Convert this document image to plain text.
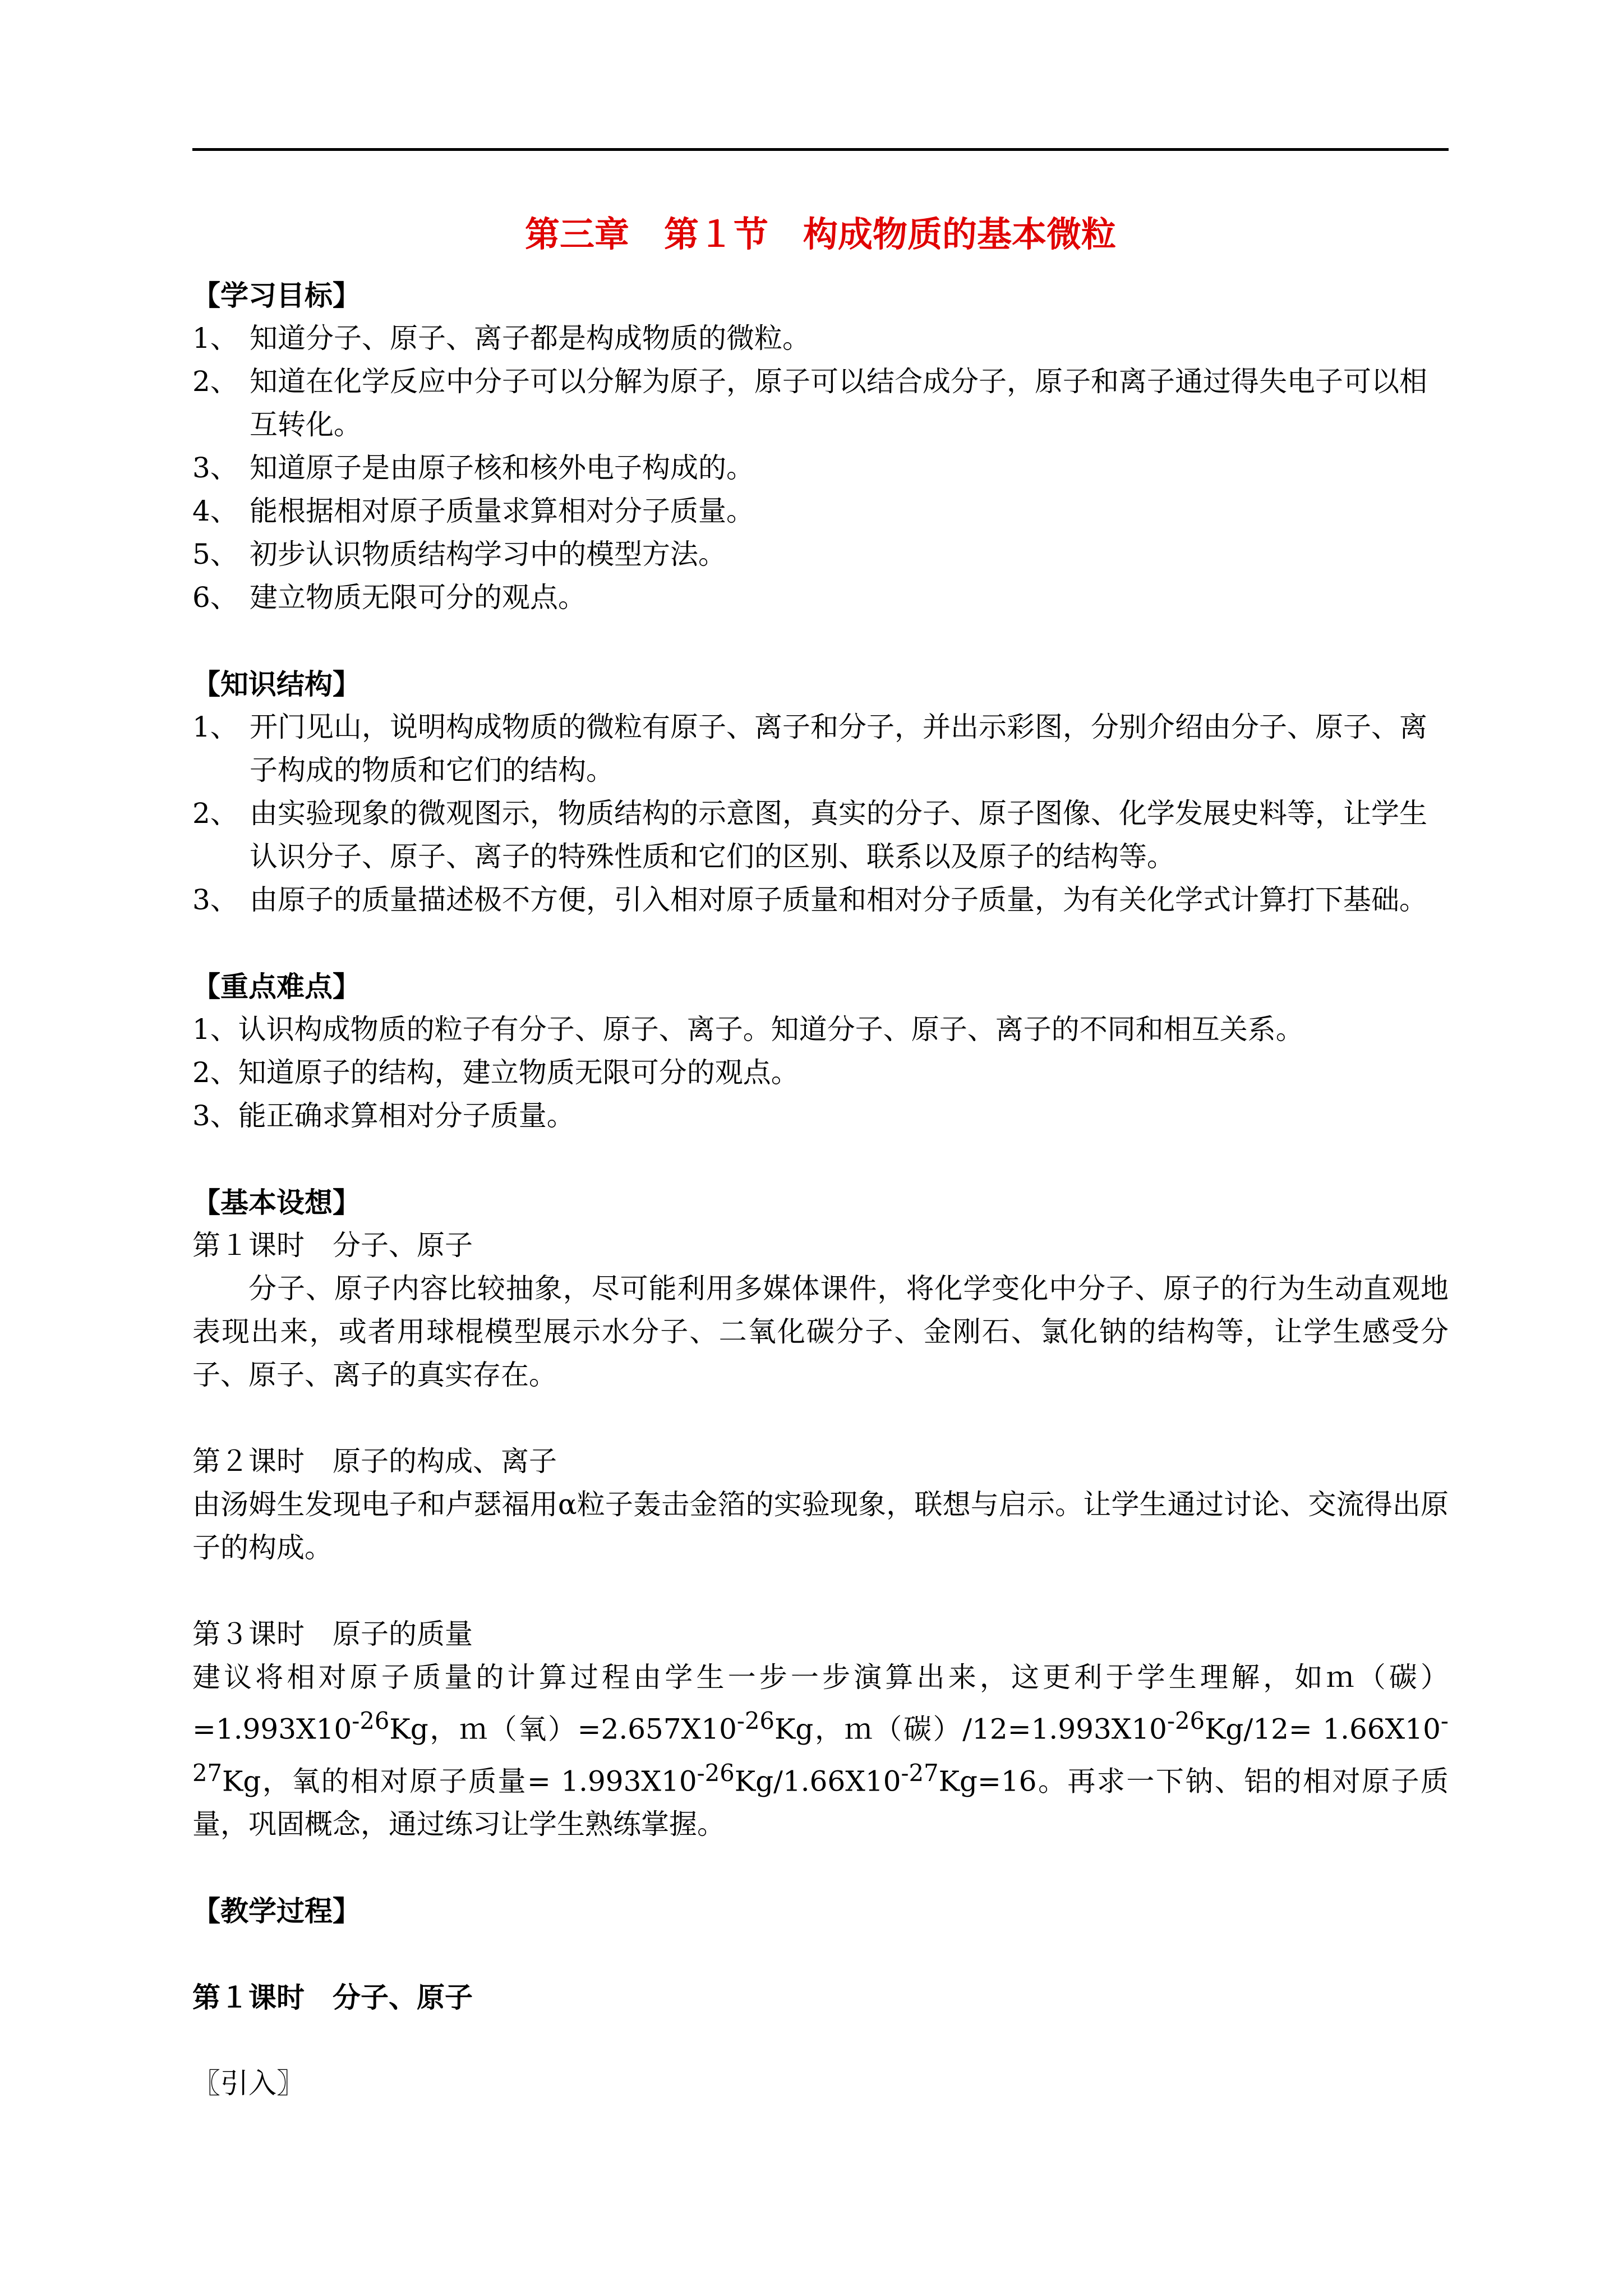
第三章　第１节　构成物质的基本微粒
【学习目标】
1、 知道分子、原子、离子都是构成物质的微粒。
2、 知道在化学反应中分子可以分解为原子，原子可以结合成分子，原子和离子通过得失电子可以相互转化。
3、 知道原子是由原子核和核外电子构成的。
4、 能根据相对原子质量求算相对分子质量。
5、 初步认识物质结构学习中的模型方法。
6、 建立物质无限可分的观点。
【知识结构】
1、 开门见山，说明构成物质的微粒有原子、离子和分子，并出示彩图，分别介绍由分子、原子、离子构成的物质和它们的结构。
2、 由实验现象的微观图示，物质结构的示意图，真实的分子、原子图像、化学发展史料等，让学生认识分子、原子、离子的特殊性质和它们的区别、联系以及原子的结构等。
3、 由原子的质量描述极不方便，引入相对原子质量和相对分子质量，为有关化学式计算打下基础。
【重点难点】
1、认识构成物质的粒子有分子、原子、离子。知道分子、原子、离子的不同和相互关系。
2、知道原子的结构，建立物质无限可分的观点。
3、能正确求算相对分子质量。
【基本设想】
第１课时　分子、原子
分子、原子内容比较抽象，尽可能利用多媒体课件，将化学变化中分子、原子的行为生动直观地表现出来，或者用球棍模型展示水分子、二氧化碳分子、金刚石、氯化钠的结构等，让学生感受分子、原子、离子的真实存在。
第２课时　原子的构成、离子
由汤姆生发现电子和卢瑟福用α粒子轰击金箔的实验现象，联想与启示。让学生通过讨论、交流得出原子的构成。
第３课时　原子的质量
建议将相对原子质量的计算过程由学生一步一步演算出来，这更利于学生理解，如ｍ（碳）$=1.993X10^{-26}Kg$，ｍ（氧）$=2.657X10^{-26}Kg$，ｍ（碳）$/12=1.993X10^{-26}Kg/12= 1.66X10^{-27}Kg$，氧的相对原子质量= $1.993X10^{-26}Kg/1.66X10^{-27}Kg=16$。再求一下钠、铝的相对原子质量，巩固概念，通过练习让学生熟练掌握。
【教学过程】
第１课时　分子、原子
〖引入〗
